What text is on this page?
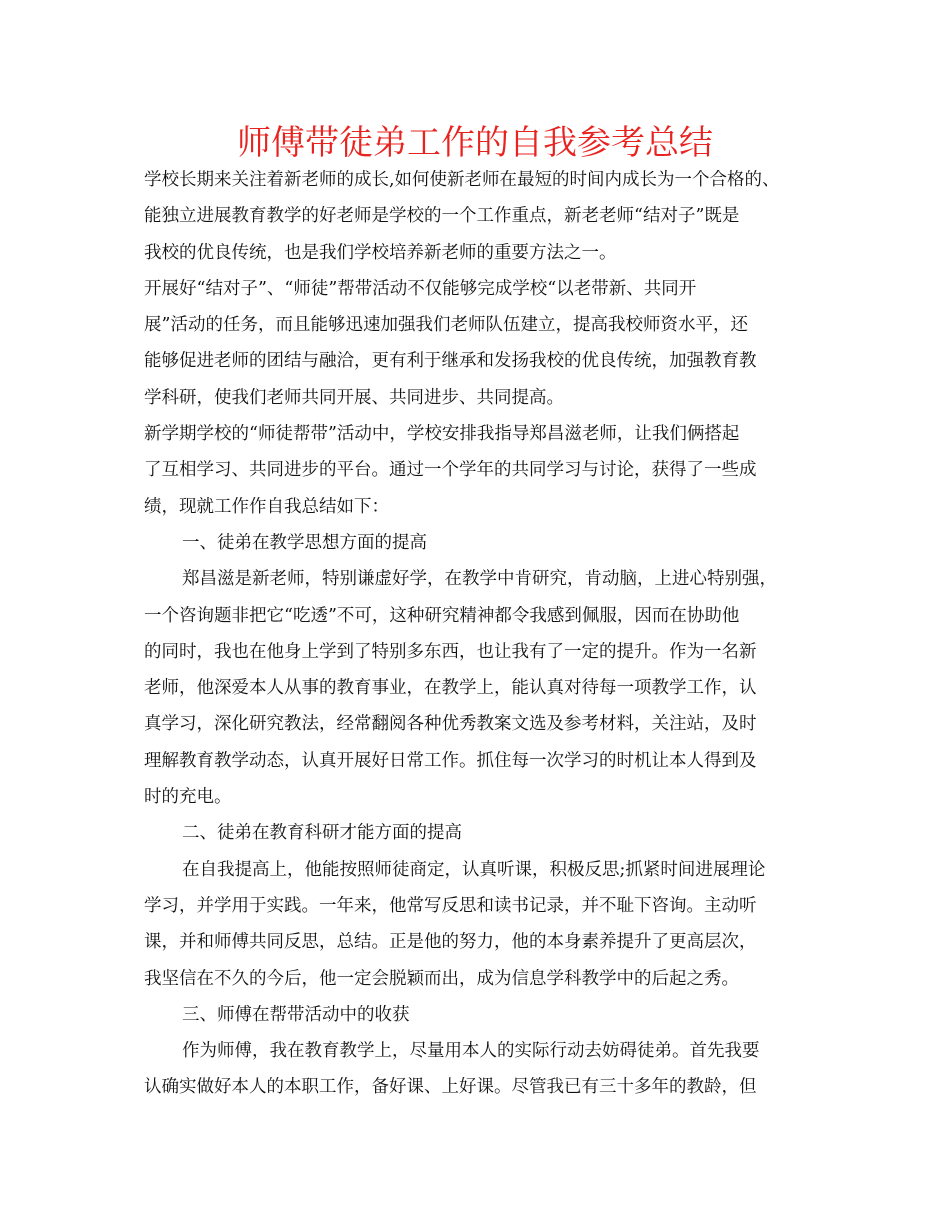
师傅带徒弟工作的自我参考总结
学校长期来关注着新老师的成长,如何使新老师在最短的时间内成长为一个合格的、
能独立进展教育教学的好老师是学校的一个工作重点，新老老师“结对子”既是
我校的优良传统，也是我们学校培养新老师的重要方法之一。
开展好“结对子”、“师徒”帮带活动不仅能够完成学校“以老带新、共同开
展”活动的任务，而且能够迅速加强我们老师队伍建立，提高我校师资水平，还
能够促进老师的团结与融洽，更有利于继承和发扬我校的优良传统，加强教育教
学科研，使我们老师共同开展、共同进步、共同提高。
新学期学校的“师徒帮带”活动中，学校安排我指导郑昌滋老师，让我们俩搭起
了互相学习、共同进步的平台。通过一个学年的共同学习与讨论，获得了一些成
绩，现就工作作自我总结如下：
一、徒弟在教学思想方面的提高
郑昌滋是新老师，特别谦虚好学，在教学中肯研究，肯动脑，上进心特别强，
一个咨询题非把它“吃透”不可，这种研究精神都令我感到佩服，因而在协助他
的同时，我也在他身上学到了特别多东西，也让我有了一定的提升。作为一名新
老师，他深爱本人从事的教育事业，在教学上，能认真对待每一项教学工作，认
真学习，深化研究教法，经常翻阅各种优秀教案文选及参考材料，关注站，及时
理解教育教学动态，认真开展好日常工作。抓住每一次学习的时机让本人得到及
时的充电。
二、徒弟在教育科研才能方面的提高
在自我提高上，他能按照师徒商定，认真听课，积极反思;抓紧时间进展理论
学习，并学用于实践。一年来，他常写反思和读书记录，并不耻下咨询。主动听
课，并和师傅共同反思，总结。正是他的努力，他的本身素养提升了更高层次，
我坚信在不久的今后，他一定会脱颖而出，成为信息学科教学中的后起之秀。
三、师傅在帮带活动中的收获
作为师傅，我在教育教学上，尽量用本人的实际行动去妨碍徒弟。首先我要
认确实做好本人的本职工作，备好课、上好课。尽管我已有三十多年的教龄，但
